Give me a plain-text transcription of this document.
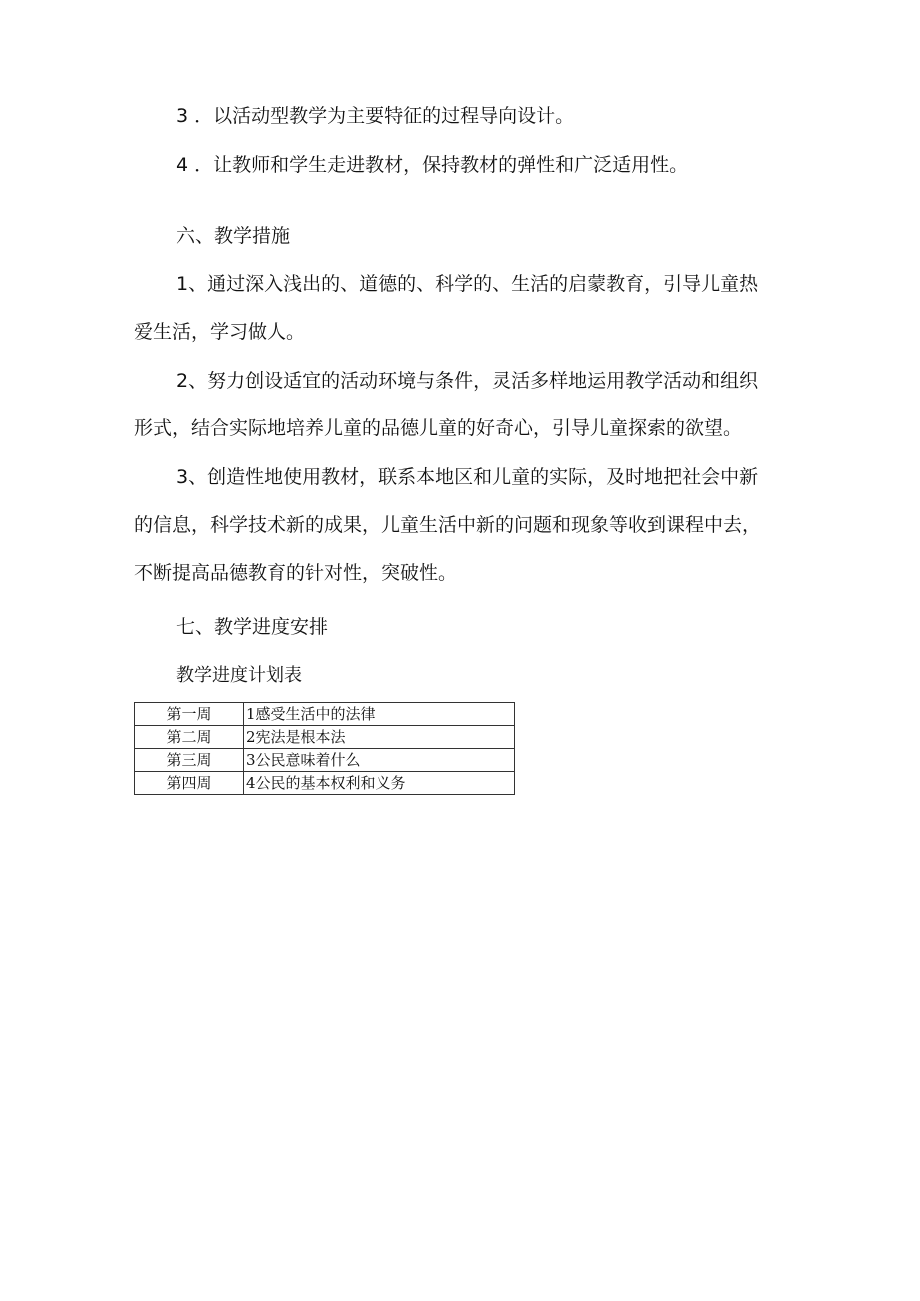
3 ．以活动型教学为主要特征的过程导向设计。
4 ．让教师和学生走进教材，保持教材的弹性和广泛适用性。
六、教学措施
1、通过深入浅出的、道德的、科学的、生活的启蒙教育，引导儿童热
爱生活，学习做人。
2、努力创设适宜的活动环境与条件，灵活多样地运用教学活动和组织
形式，结合实际地培养儿童的品德儿童的好奇心，引导儿童探索的欲望。
3、创造性地使用教材，联系本地区和儿童的实际，及时地把社会中新
的信息，科学技术新的成果，儿童生活中新的问题和现象等收到课程中去，
不断提高品德教育的针对性，突破性。
七、教学进度安排
教学进度计划表
第一周	1感受生活中的法律
第二周	2宪法是根本法
第三周	3公民意味着什么
第四周	4公民的基本权利和义务
